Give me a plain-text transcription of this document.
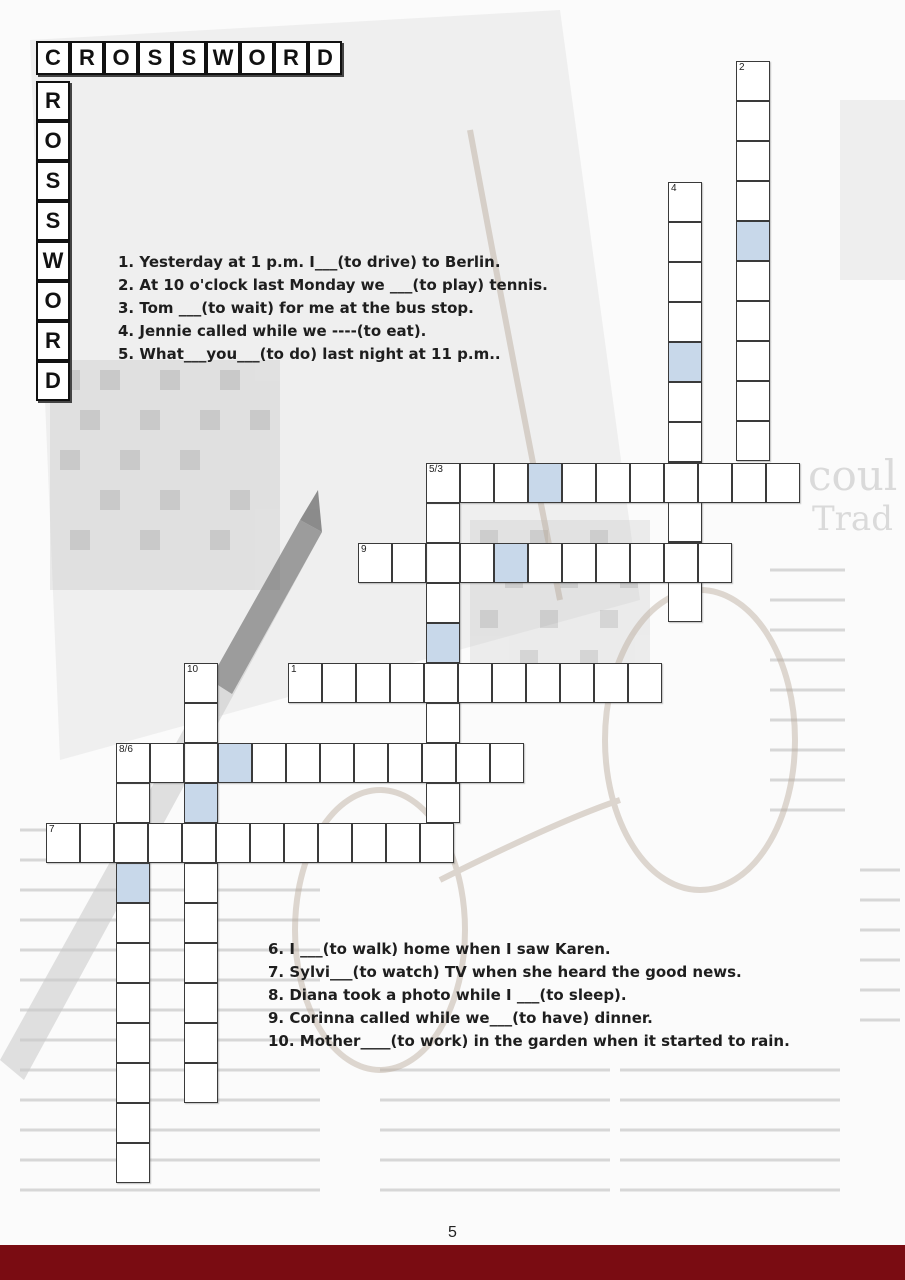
coul
Trad
C R O S S W O R D
R
O
S
S
W
O
R
D
1. Yesterday at 1 p.m. I___(to drive) to Berlin.
2. At 10 o'clock last Monday we ___(to play) tennis.
3. Tom ___(to wait) for me at the bus stop.
4. Jennie called while we ----(to eat).
5. What___you___(to do) last night at 11 p.m..
2
4
10
5/3
9
1
8/6
7
6. I ___(to walk) home when I saw Karen.
7. Sylvi___(to watch) TV when she heard the good news.
8. Diana took a photo while I ___(to sleep).
9. Corinna called while we___(to have) dinner.
10. Mother____(to work) in the garden when it started to rain.
5
